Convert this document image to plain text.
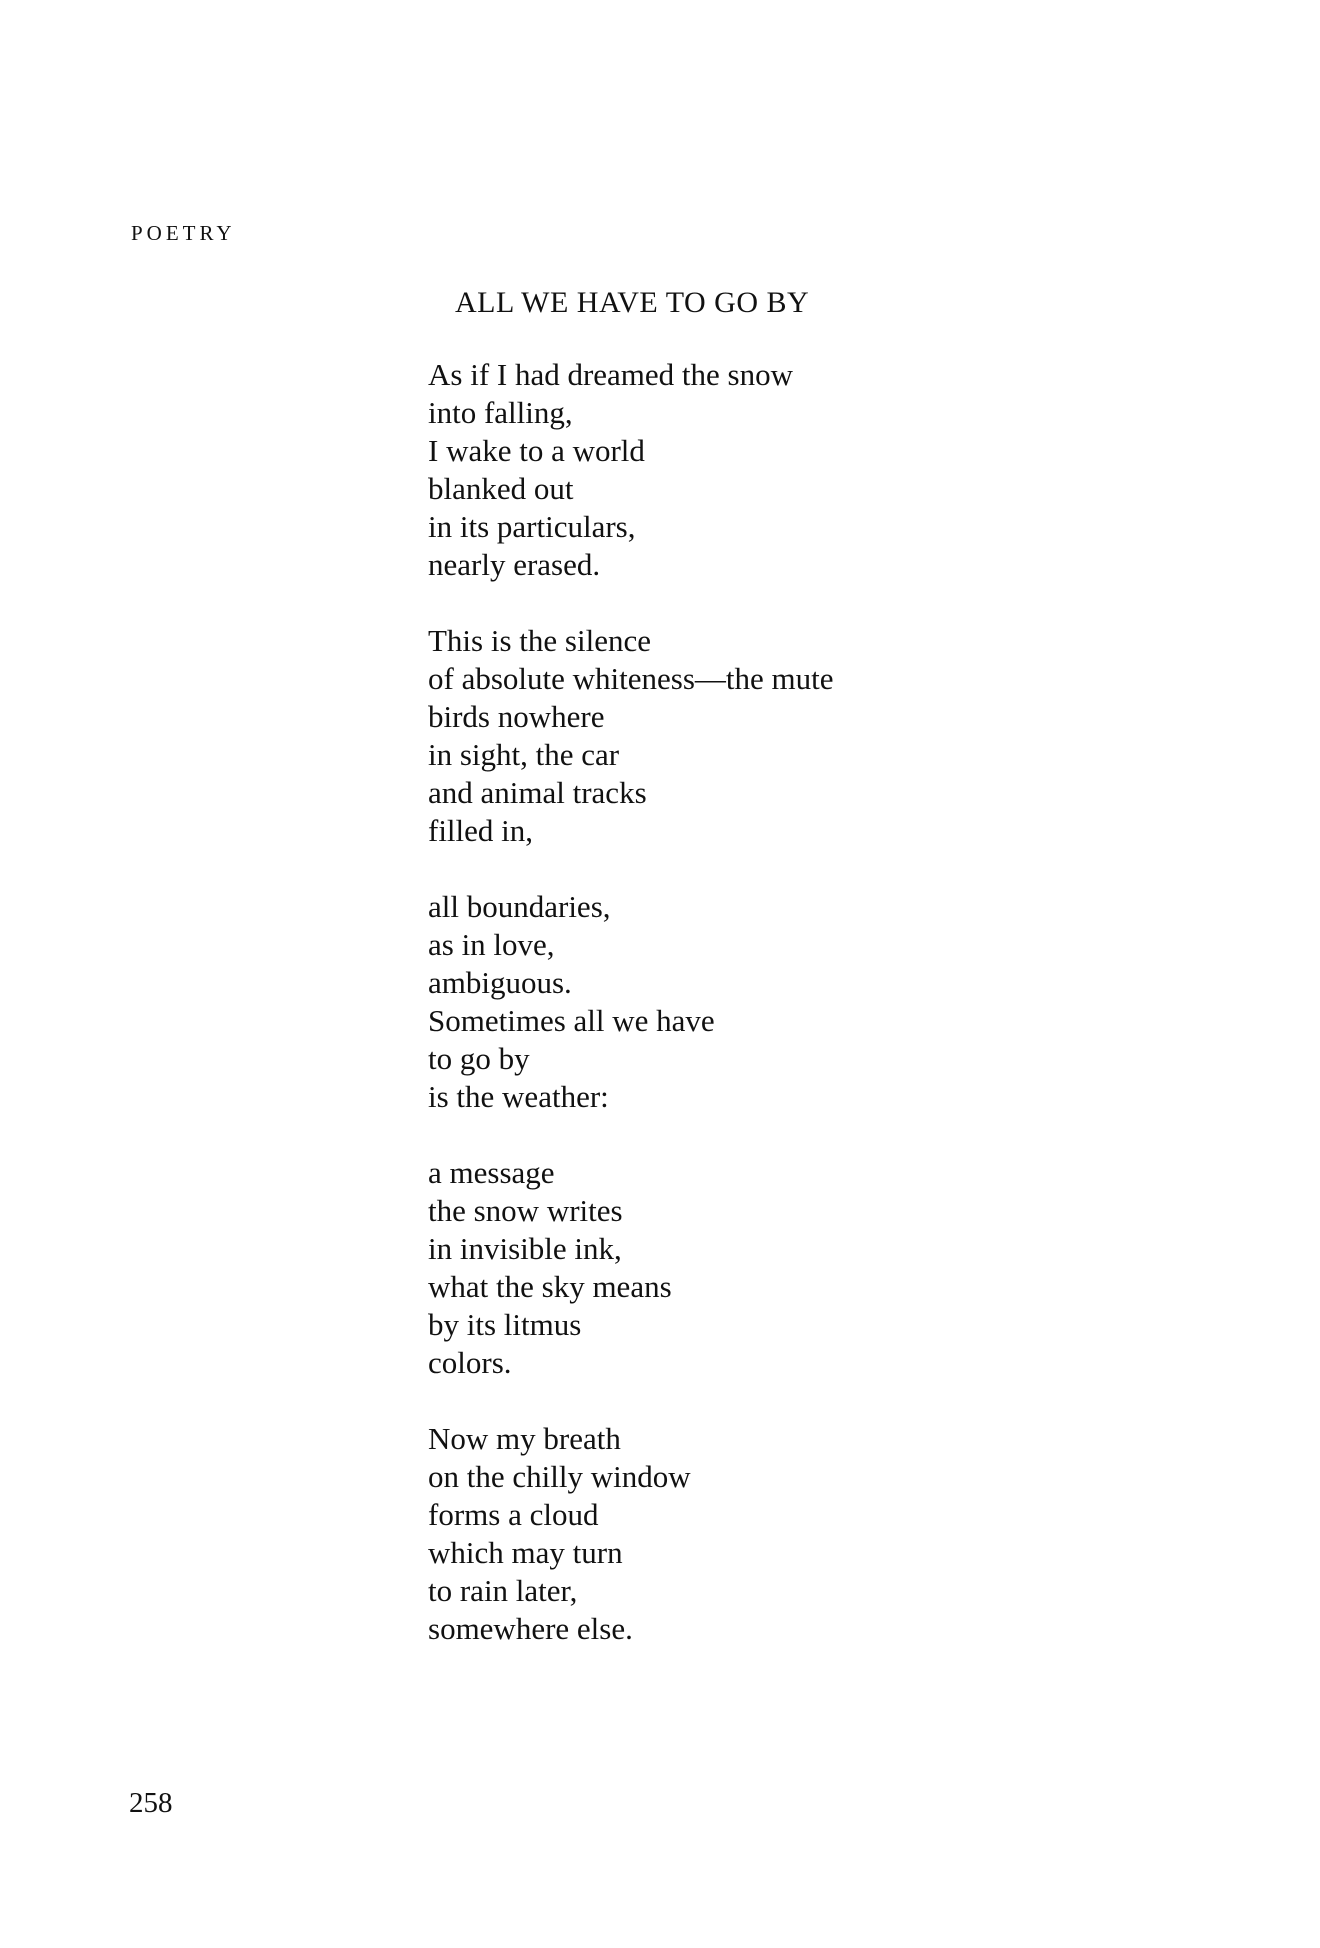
POETRY
ALL WE HAVE TO GO BY
As if I had dreamed the snow
into falling,
I wake to a world
blanked out
in its particulars,
nearly erased.
This is the silence
of absolute whiteness—the mute
birds nowhere
in sight, the car
and animal tracks
filled in,
all boundaries,
as in love,
ambiguous.
Sometimes all we have
to go by
is the weather:
a message
the snow writes
in invisible ink,
what the sky means
by its litmus
colors.
Now my breath
on the chilly window
forms a cloud
which may turn
to rain later,
somewhere else.
258
